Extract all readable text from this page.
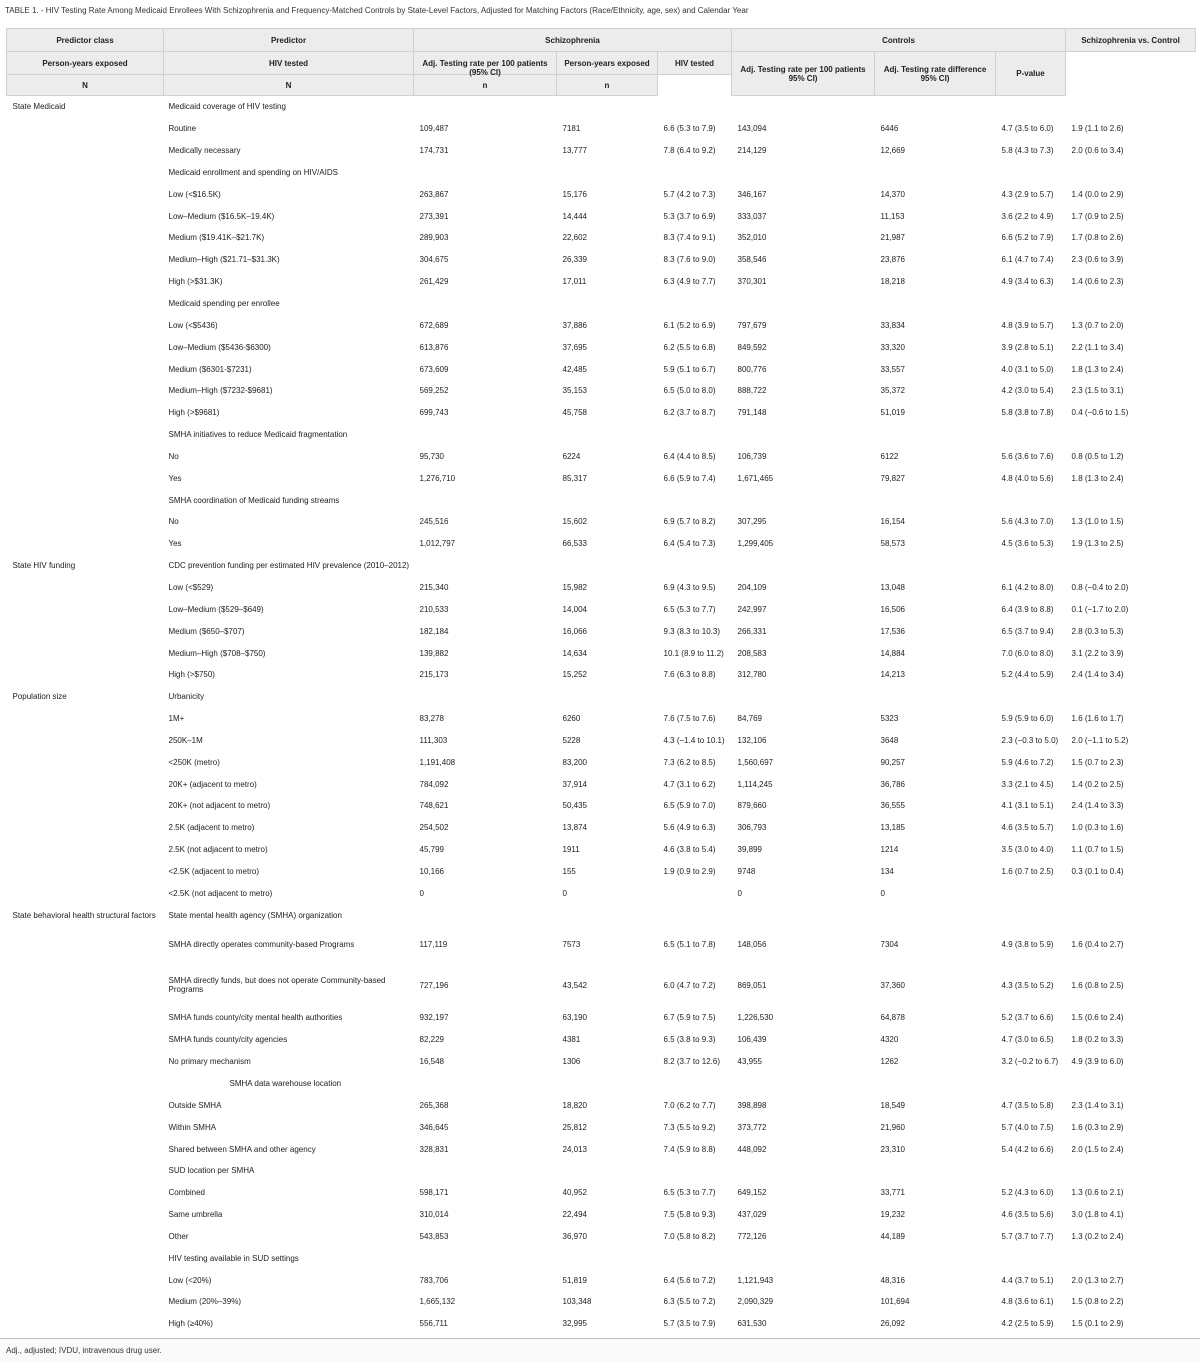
TABLE 1. - HIV Testing Rate Among Medicaid Enrollees With Schizophrenia and Frequency-Matched Controls by State-Level Factors, Adjusted for Matching Factors (Race/Ethnicity, age, sex) and Calendar Year
Predictor class	Predictor	Schizophrenia			Controls			Schizophrenia vs. Control	
Person-years exposed	HIV tested	Adj. Testing rate per 100 patients (95% CI)	Person-years exposed	HIV tested	Adj. Testing rate per 100 patients 95% CI)	Adj. Testing rate difference 95% CI)	P-value		
N	N	n	n						
State Medicaid	Medicaid coverage of HIV testing								
	Routine	109,487	7181	6.6 (5.3 to 7.9)	143,094	6446	4.7 (3.5 to 6.0)	1.9 (1.1 to 2.6)	
	Medically necessary	174,731	13,777	7.8 (6.4 to 9.2)	214,129	12,669	5.8 (4.3 to 7.3)	2.0 (0.6 to 3.4)	
	Medicaid enrollment and spending on HIV/AIDS								
	Low (<$16.5K)	263,867	15,176	5.7 (4.2 to 7.3)	346,167	14,370	4.3 (2.9 to 5.7)	1.4 (0.0 to 2.9)	
	Low–Medium ($16.5K–19.4K)	273,391	14,444	5.3 (3.7 to 6.9)	333,037	11,153	3.6 (2.2 to 4.9)	1.7 (0.9 to 2.5)	
	Medium ($19.41K–$21.7K)	289,903	22,602	8.3 (7.4 to 9.1)	352,010	21,987	6.6 (5.2 to 7.9)	1.7 (0.8 to 2.6)	
	Medium–High ($21.71–$31.3K)	304,675	26,339	8.3 (7.6 to 9.0)	358,546	23,876	6.1 (4.7 to 7.4)	2.3 (0.6 to 3.9)	
	High (>$31.3K)	261,429	17,011	6.3 (4.9 to 7.7)	370,301	18,218	4.9 (3.4 to 6.3)	1.4 (0.6 to 2.3)	
	Medicaid spending per enrollee								
	Low (<$5436)	672,689	37,886	6.1 (5.2 to 6.9)	797,679	33,834	4.8 (3.9 to 5.7)	1.3 (0.7 to 2.0)	
	Low–Medium ($5436-$6300)	613,876	37,695	6.2 (5.5 to 6.8)	849,592	33,320	3.9 (2.8 to 5.1)	2.2 (1.1 to 3.4)	
	Medium ($6301-$7231)	673,609	42,485	5.9 (5.1 to 6.7)	800,776	33,557	4.0 (3.1 to 5.0)	1.8 (1.3 to 2.4)	
	Medium–High ($7232-$9681)	569,252	35,153	6.5 (5.0 to 8.0)	888,722	35,372	4.2 (3.0 to 5.4)	2.3 (1.5 to 3.1)	
	High (>$9681)	699,743	45,758	6.2 (3.7 to 8.7)	791,148	51,019	5.8 (3.8 to 7.8)	0.4 (−0.6 to 1.5)	
	SMHA initiatives to reduce Medicaid fragmentation								
	No	95,730	6224	6.4 (4.4 to 8.5)	106,739	6122	5.6 (3.6 to 7.6)	0.8 (0.5 to 1.2)	
	Yes	1,276,710	85,317	6.6 (5.9 to 7.4)	1,671,465	79,827	4.8 (4.0 to 5.6)	1.8 (1.3 to 2.4)	
	SMHA coordination of Medicaid funding streams								
	No	245,516	15,602	6.9 (5.7 to 8.2)	307,295	16,154	5.6 (4.3 to 7.0)	1.3 (1.0 to 1.5)	
	Yes	1,012,797	66,533	6.4 (5.4 to 7.3)	1,299,405	58,573	4.5 (3.6 to 5.3)	1.9 (1.3 to 2.5)	
State HIV funding	CDC prevention funding per estimated HIV prevalence (2010–2012)								
	Low (<$529)	215,340	15,982	6.9 (4.3 to 9.5)	204,109	13,048	6.1 (4.2 to 8.0)	0.8 (−0.4 to 2.0)	
	Low–Medium ($529–$649)	210,533	14,004	6.5 (5.3 to 7.7)	242,997	16,506	6.4 (3.9 to 8.8)	0.1 (−1.7 to 2.0)	
	Medium ($650–$707)	182,184	16,066	9.3 (8.3 to 10.3)	266,331	17,536	6.5 (3.7 to 9.4)	2.8 (0.3 to 5.3)	
	Medium–High ($708–$750)	139,882	14,634	10.1 (8.9 to 11.2)	208,583	14,884	7.0 (6.0 to 8.0)	3.1 (2.2 to 3.9)	
	High (>$750)	215,173	15,252	7.6 (6.3 to 8.8)	312,780	14,213	5.2 (4.4 to 5.9)	2.4 (1.4 to 3.4)	
Population size	Urbanicity								
	1M+	83,278	6260	7.6 (7.5 to 7.6)	84,769	5323	5.9 (5.9 to 6.0)	1.6 (1.6 to 1.7)	
	250K–1M	111,303	5228	4.3 (−1.4 to 10.1)	132,106	3648	2.3 (−0.3 to 5.0)	2.0 (−1.1 to 5.2)	
	<250K (metro)	1,191,408	83,200	7.3 (6.2 to 8.5)	1,560,697	90,257	5.9 (4.6 to 7.2)	1.5 (0.7 to 2.3)	
	20K+ (adjacent to metro)	784,092	37,914	4.7 (3.1 to 6.2)	1,114,245	36,786	3.3 (2.1 to 4.5)	1.4 (0.2 to 2.5)	
	20K+ (not adjacent to metro)	748,621	50,435	6.5 (5.9 to 7.0)	879,660	36,555	4.1 (3.1 to 5.1)	2.4 (1.4 to 3.3)	
	2.5K (adjacent to metro)	254,502	13,874	5.6 (4.9 to 6.3)	306,793	13,185	4.6 (3.5 to 5.7)	1.0 (0.3 to 1.6)	
	2.5K (not adjacent to metro)	45,799	1911	4.6 (3.8 to 5.4)	39,899	1214	3.5 (3.0 to 4.0)	1.1 (0.7 to 1.5)	
	<2.5K (adjacent to metro)	10,166	155	1.9 (0.9 to 2.9)	9748	134	1.6 (0.7 to 2.5)	0.3 (0.1 to 0.4)	
	<2.5K (not adjacent to metro)	0	0		0	0			
State behavioral health structural factors	State mental health agency (SMHA) organization								
	SMHA directly operates community-based Programs	117,119	7573	6.5 (5.1 to 7.8)	148,056	7304	4.9 (3.8 to 5.9)	1.6 (0.4 to 2.7)	
	SMHA directly funds, but does not operate Community-based Programs	727,196	43,542	6.0 (4.7 to 7.2)	869,051	37,360	4.3 (3.5 to 5.2)	1.6 (0.8 to 2.5)	
	SMHA funds county/city mental health authorities	932,197	63,190	6.7 (5.9 to 7.5)	1,226,530	64,878	5.2 (3.7 to 6.6)	1.5 (0.6 to 2.4)	
	SMHA funds county/city agencies	82,229	4381	6.5 (3.8 to 9.3)	106,439	4320	4.7 (3.0 to 6.5)	1.8 (0.2 to 3.3)	
	No primary mechanism	16,548	1306	8.2 (3.7 to 12.6)	43,955	1262	3.2 (−0.2 to 6.7)	4.9 (3.9 to 6.0)	
	SMHA data warehouse location								
	Outside SMHA	265,368	18,820	7.0 (6.2 to 7.7)	398,898	18,549	4.7 (3.5 to 5.8)	2.3 (1.4 to 3.1)	
	Within SMHA	346,645	25,812	7.3 (5.5 to 9.2)	373,772	21,960	5.7 (4.0 to 7.5)	1.6 (0.3 to 2.9)	
	Shared between SMHA and other agency	328,831	24,013	7.4 (5.9 to 8.8)	448,092	23,310	5.4 (4.2 to 6.6)	2.0 (1.5 to 2.4)	
	SUD location per SMHA								
	Combined	598,171	40,952	6.5 (5.3 to 7.7)	649,152	33,771	5.2 (4.3 to 6.0)	1.3 (0.6 to 2.1)	
	Same umbrella	310,014	22,494	7.5 (5.8 to 9.3)	437,029	19,232	4.6 (3.5 to 5.6)	3.0 (1.8 to 4.1)	
	Other	543,853	36,970	7.0 (5.8 to 8.2)	772,126	44,189	5.7 (3.7 to 7.7)	1.3 (0.2 to 2.4)	
	HIV testing available in SUD settings								
	Low (<20%)	783,706	51,819	6.4 (5.6 to 7.2)	1,121,943	48,316	4.4 (3.7 to 5.1)	2.0 (1.3 to 2.7)	
	Medium (20%–39%)	1,665,132	103,348	6.3 (5.5 to 7.2)	2,090,329	101,694	4.8 (3.6 to 6.1)	1.5 (0.8 to 2.2)	
	High (≥40%)	556,711	32,995	5.7 (3.5 to 7.9)	631,530	26,092	4.2 (2.5 to 5.9)	1.5 (0.1 to 2.9)	
Adj., adjusted; IVDU, intravenous drug user.
